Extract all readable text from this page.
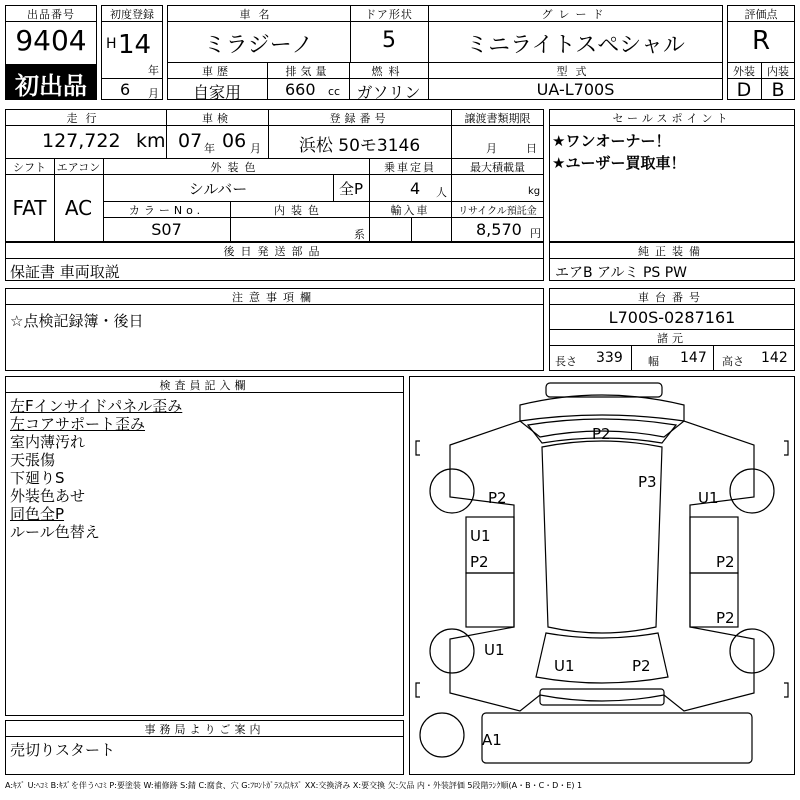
出品番号
9404
初出品
初度登録
H 14
年
6 月
車名
ミラジーノ
ドア形状
5
グレード
ミニライトスペシャル
車歴
自家用
排気量
660 cc
燃料
ガソリン
型式
UA-L700S
評価点
R
外装	内装
D	B
走行
127,722 km
車検
07 年 06 月
登録番号
浜松 50モ3146
譲渡書類期限
月	日
シフト
FAT
エアコン
AC
外装色
シルバー	全P
乗車定員
4 人
最大積載量
kg
カラーNo.
S07
内装色
系
輸入車	リサイクル預託金
8,570 円
セールスポイント
★ワンオーナー！
★ユーザー買取車！
後日発送部品
保証書 車両取説
純正装備
エアB アルミ PS PW
注意事項欄
☆点検記録簿・後日
車台番号
L700S-0287161
諸元
長さ 339 幅 147 高さ 142
検査員記入欄
左Fインサイドパネル歪み
左コアサポート歪み
室内薄汚れ
天張傷
下廻りS
外装色あせ
同色全P
ルール色替え
事務局よりご案内
売切りスタート
P2
P3
P2	U1
U1
P2	P2
P2
U1
U1	P2
A1
A:ｷｽﾞ U:ﾍｺﾐ B:ｷｽﾞを伴うﾍｺﾐ P:要塗装 W:補修跡 S:錆 C:腐食、穴 G:ﾌﾛﾝﾄｶﾞﾗｽ点ｷｽﾞ XX:交換済み X:要交換 欠:欠品 内・外装評価 5段階ﾗﾝｸ順(A・B・C・D・E) 1
